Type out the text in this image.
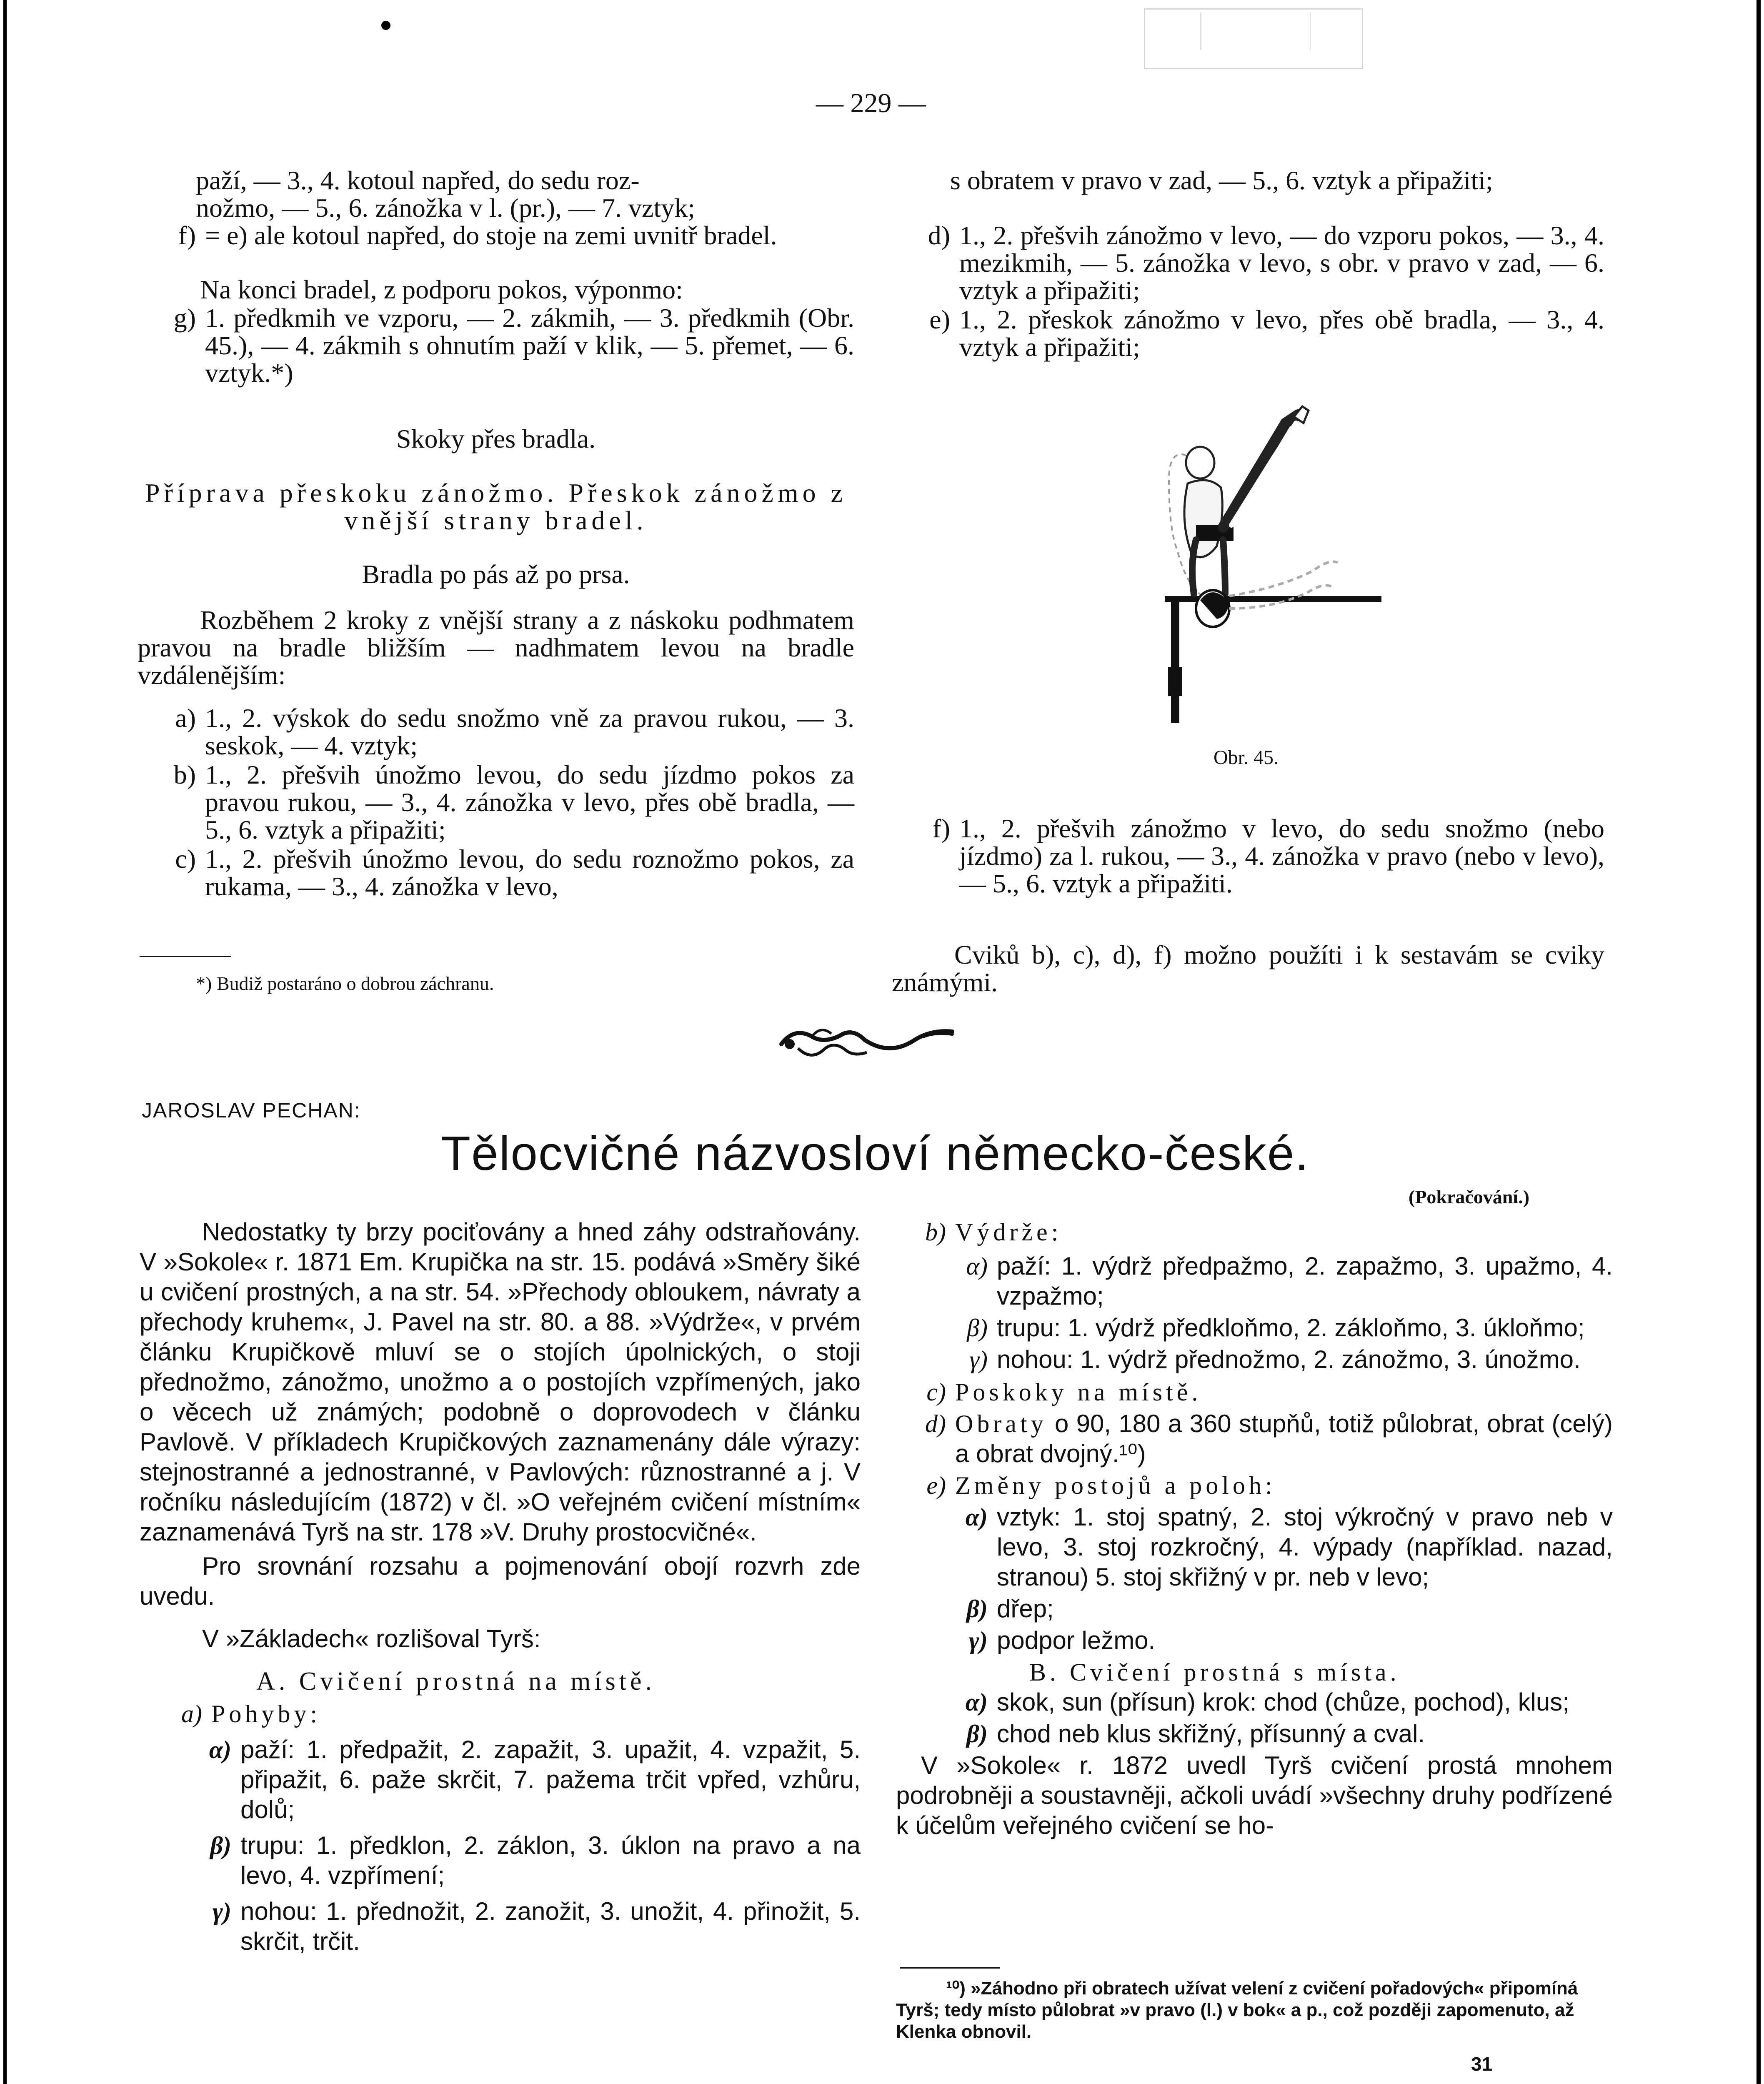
— 229 —
paží, — 3., 4. kotoul napřed, do sedu roz-
nožmo, — 5., 6. zánožka v l. (pr.), — 7. vztyk;
f) = e) ale kotoul napřed, do stoje na zemi uvnitř bradel.
Na konci bradel, z podporu pokos, výponmo:
g) 1. předkmih ve vzporu, — 2. zákmih, — 3. předkmih (Obr. 45.), — 4. zákmih s ohnutím paží v klik, — 5. přemet, — 6. vztyk.*)
Skoky přes bradla.
Příprava přeskoku zánožmo. Přeskok zánožmo z vnější strany bradel.
Bradla po pás až po prsa.
Rozběhem 2 kroky z vnější strany a z náskoku podhmatem pravou na bradle bližším — nadhmatem levou na bradle vzdálenějším:
a) 1., 2. výskok do sedu snožmo vně za pravou rukou, — 3. seskok, — 4. vztyk;
b) 1., 2. přešvih únožmo levou, do sedu jízdmo pokos za pravou rukou, — 3., 4. zánožka v levo, přes obě bradla, — 5., 6. vztyk a připažiti;
c) 1., 2. přešvih únožmo levou, do sedu roznožmo pokos, za rukama, — 3., 4. zánožka v levo,
*) Budiž postaráno o dobrou záchranu.
s obratem v pravo v zad, — 5., 6. vztyk a připažiti;
d) 1., 2. přešvih zánožmo v levo, — do vzporu pokos, — 3., 4. mezikmih, — 5. zánožka v levo, s obr. v pravo v zad, — 6. vztyk a připažiti;
e) 1., 2. přeskok zánožmo v levo, přes obě bradla, — 3., 4. vztyk a připažiti;
Obr. 45.
f) 1., 2. přešvih zánožmo v levo, do sedu snožmo (nebo jízdmo) za l. rukou, — 3., 4. zánožka v pravo (nebo v levo), — 5., 6. vztyk a připažiti.
Cviků b), c), d), f) možno použíti i k sestavám se cviky známými.
JAROSLAV PECHAN:
Tělocvičné názvosloví německo-české.
(Pokračování.)
Nedostatky ty brzy pociťovány a hned záhy odstraňovány. V »Sokole« r. 1871 Em. Krupička na str. 15. podává »Směry šiké u cvičení prostných, a na str. 54. »Přechody obloukem, návraty a přechody kruhem«, J. Pavel na str. 80. a 88. »Výdrže«, v prvém článku Krupičkově mluví se o stojích úpolnických, o stoji přednožmo, zánožmo, unožmo a o postojích vzpřímených, jako o věcech už známých; podobně o doprovodech v článku Pavlově. V příkladech Krupičkových zaznamenány dále výrazy: stejnostranné a jednostranné, v Pavlových: různostranné a j. V ročníku následujícím (1872) v čl. »O veřejném cvičení místním« zaznamenává Tyrš na str. 178 »V. Druhy prostocvičné«.
Pro srovnání rozsahu a pojmenování obojí rozvrh zde uvedu.
V »Základech« rozlišoval Tyrš:
A. Cvičení prostná na místě.
a) Pohyby:
α) paží: 1. předpažit, 2. zapažit, 3. upažit, 4. vzpažit, 5. připažit, 6. paže skrčit, 7. pažema trčit vpřed, vzhůru, dolů;
β) trupu: 1. předklon, 2. záklon, 3. úklon na pravo a na levo, 4. vzpřímení;
γ) nohou: 1. přednožit, 2. zanožit, 3. unožit, 4. přinožit, 5. skrčit, trčit.
b) Výdrže:
α) paží: 1. výdrž předpažmo, 2. zapažmo, 3. upažmo, 4. vzpažmo;
β) trupu: 1. výdrž předkloňmo, 2. zákloňmo, 3. úkloňmo;
γ) nohou: 1. výdrž přednožmo, 2. zánožmo, 3. únožmo.
c) Poskoky na místě.
d) Obraty o 90, 180 a 360 stupňů, totiž půlobrat, obrat (celý) a obrat dvojný.¹⁰)
e) Změny postojů a poloh:
α) vztyk: 1. stoj spatný, 2. stoj výkročný v pravo neb v levo, 3. stoj rozkročný, 4. výpady (například. nazad, stranou) 5. stoj skřižný v pr. neb v levo;
β) dřep;
γ) podpor ležmo.
B. Cvičení prostná s místa.
α) skok, sun (přísun) krok: chod (chůze, pochod), klus;
β) chod neb klus skřižný, přísunný a cval.
V »Sokole« r. 1872 uvedl Tyrš cvičení prostá mnohem podrobněji a soustavněji, ačkoli uvádí »všechny druhy podřízené k účelům veřejného cvičení se ho-
¹⁰) »Záhodno při obratech užívat velení z cvičení pořadových« připomíná Tyrš; tedy místo půlobrat »v pravo (l.) v bok« a p., což později zapomenuto, až Klenka obnovil.
31
